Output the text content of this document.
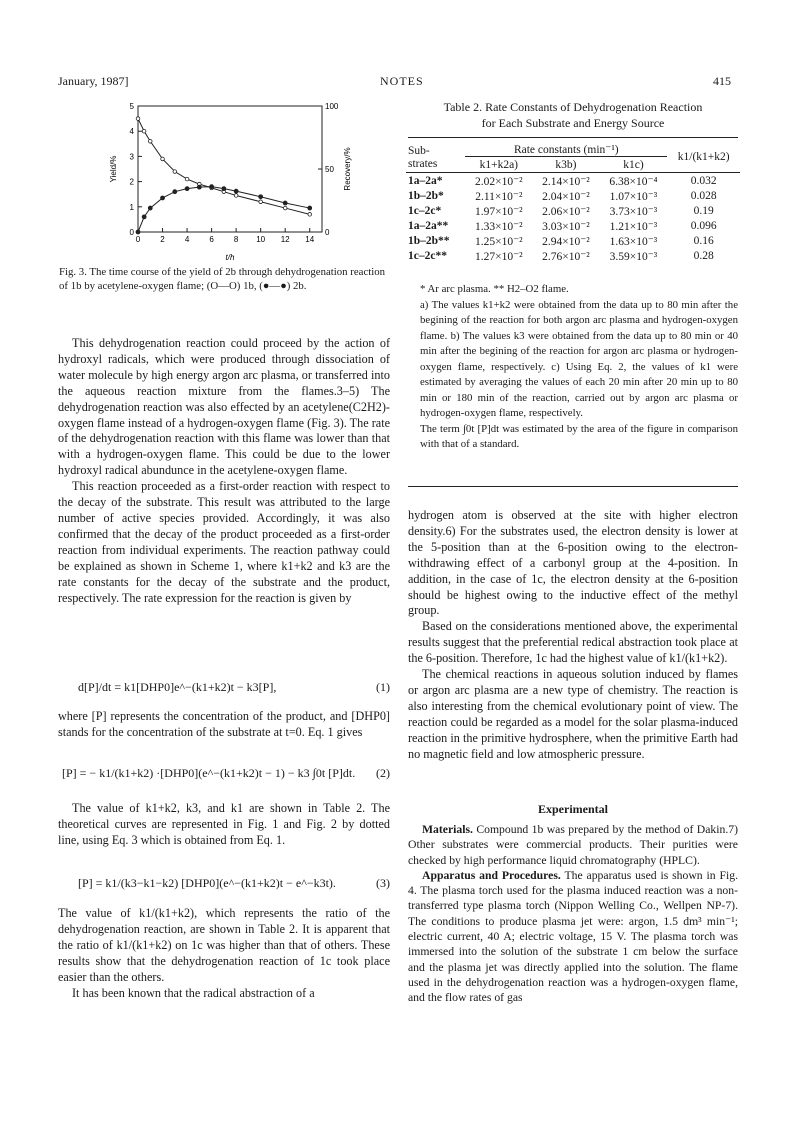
January, 1987]	NOTES	415
5
4
3
2
1
0
100
50
0
0	2	4	6	8 10 12 14
Yield/%	Recovery/%
t/h
Fig. 3. The time course of the yield of 2b through dehydrogenation reaction of 1b by acetylene-oxygen flame; (O—O) 1b, (●—●) 2b.

This dehydrogenation reaction could proceed by the action of hydroxyl radicals, which were produced through dissociation of water molecule by high energy argon arc plasma, or transferred into the aqueous reaction mixture from the flames.3–5) The dehydrogenation reaction was also effected by an acetylene(C2H2)-oxygen flame instead of a hydrogen-oxygen flame (Fig. 3). The rate of the dehydrogenation reaction with this flame was lower than that with a hydrogen-oxygen flame. This could be due to the lower hydroxyl radical abundunce in the acetylene-oxygen flame.

This reaction proceeded as a first-order reaction with respect to the decay of the substrate. This result was attributed to the large number of active species provided. Accordingly, it was also confirmed that the decay of the product proceeded as a first-order reaction from individual experiments. The reaction pathway could be explained as shown in Scheme 1, where k1+k2 and k3 are the rate constants for the decay of the substrate and the product, respectively. The rate expression for the reaction is given by

d[P]/dt = k1[DHP0]e^−(k1+k2)t − k3[P],	(1)

where [P] represents the concentration of the product, and [DHP0] stands for the concentration of the substrate at t=0. Eq. 1 gives

[P] = − k1/(k1+k2) ·[DHP0](e^−(k1+k2)t − 1) − k3 ∫0t [P]dt. (2)

The value of k1+k2, k3, and k1 are shown in Table 2. The theoretical curves are represented in Fig. 1 and Fig. 2 by dotted line, using Eq. 3 which is obtained from Eq. 1.

[P] = k1/(k3−k1−k2) [DHP0](e^−(k1+k2)t − e^−k3t).	(3)

The value of k1/(k1+k2), which represents the ratio of the dehydrogenation reaction, are shown in Table 2. It is apparent that the ratio of k1/(k1+k2) on 1c was higher than that of others. These results show that the dehydrogenation reaction of 1c took place easier than the others.

It has been known that the radical abstraction of a

Table 2. Rate Constants of Dehydrogenation Reaction
for Each Substrate and Energy Source
Sub-	Rate constants (min⁻¹)			k1/(k1+k2)
strates	k1+k2a)	k3b)	k1c)	
1a–2a*	2.02×10⁻²	2.14×10⁻²	6.38×10⁻⁴	0.032
1b–2b*	2.11×10⁻²	2.04×10⁻²	1.07×10⁻³	0.028
1c–2c*	1.97×10⁻²	2.06×10⁻²	3.73×10⁻³	0.19
1a–2a**	1.33×10⁻²	3.03×10⁻²	1.21×10⁻³	0.096
1b–2b**	1.25×10⁻²	2.94×10⁻²	1.63×10⁻³	0.16
1c–2c**	1.27×10⁻²	2.76×10⁻²	3.59×10⁻³	0.28
* Ar arc plasma. ** H2–O2 flame.
a) The values k1+k2 were obtained from the data up to 80 min after the begining of the reaction for both argon arc plasma and hydrogen-oxygen flame. b) The values k3 were obtained from the data up to 80 min or 40 min after the begining of the reaction for argon arc plasma or hydrogen-oxygen flame, respectively. c) Using Eq. 2, the values of k1 were estimated by averaging the values of each 20 min after 20 min up to 80 min or 180 min of the reaction, carried out by argon arc plasma or hydrogen-oxygen flame, respectively.
The term ∫0t [P]dt was estimated by the area of the figure in comparison with that of a standard.

hydrogen atom is observed at the site with higher electron density.6) For the substrates used, the electron density is lower at the 5-position than at the 6-position owing to the electron-withdrawing effect of a carbonyl group at the 4-position. In addition, in the case of 1c, the electron density at the 6-position should be highest owing to the inductive effect of the methyl group.

Based on the considerations mentioned above, the experimental results suggest that the preferential redical abstraction took place at the 6-position. Therefore, 1c had the highest value of k1/(k1+k2).

The chemical reactions in aqueous solution induced by flames or argon arc plasma are a new type of chemistry. The reaction is also interesting from the chemical evolutionary point of view. The reaction could be regarded as a model for the solar plasma-induced reaction in the primitive hydrosphere, when the primitive Earth had no magnetic field and low atmospheric pressure.

Experimental

Materials. Compound 1b was prepared by the method of Dakin.7) Other substrates were commercial products. Their purities were checked by high performance liquid chromatography (HPLC).

Apparatus and Procedures. The apparatus used is shown in Fig. 4. The plasma torch used for the plasma induced reaction was a non-transferred type plasma torch (Nippon Welling Co., Wellpen NP-7). The conditions to produce plasma jet were: argon, 1.5 dm³ min⁻¹; electric current, 40 A; electric voltage, 15 V. The plasma torch was immersed into the solution of the substrate 1 cm below the surface and the plasma jet was directly applied into the solution. The flame used in the dehydrogenation reaction was a hydrogen-oxygen flame, and the flow rates of gas
